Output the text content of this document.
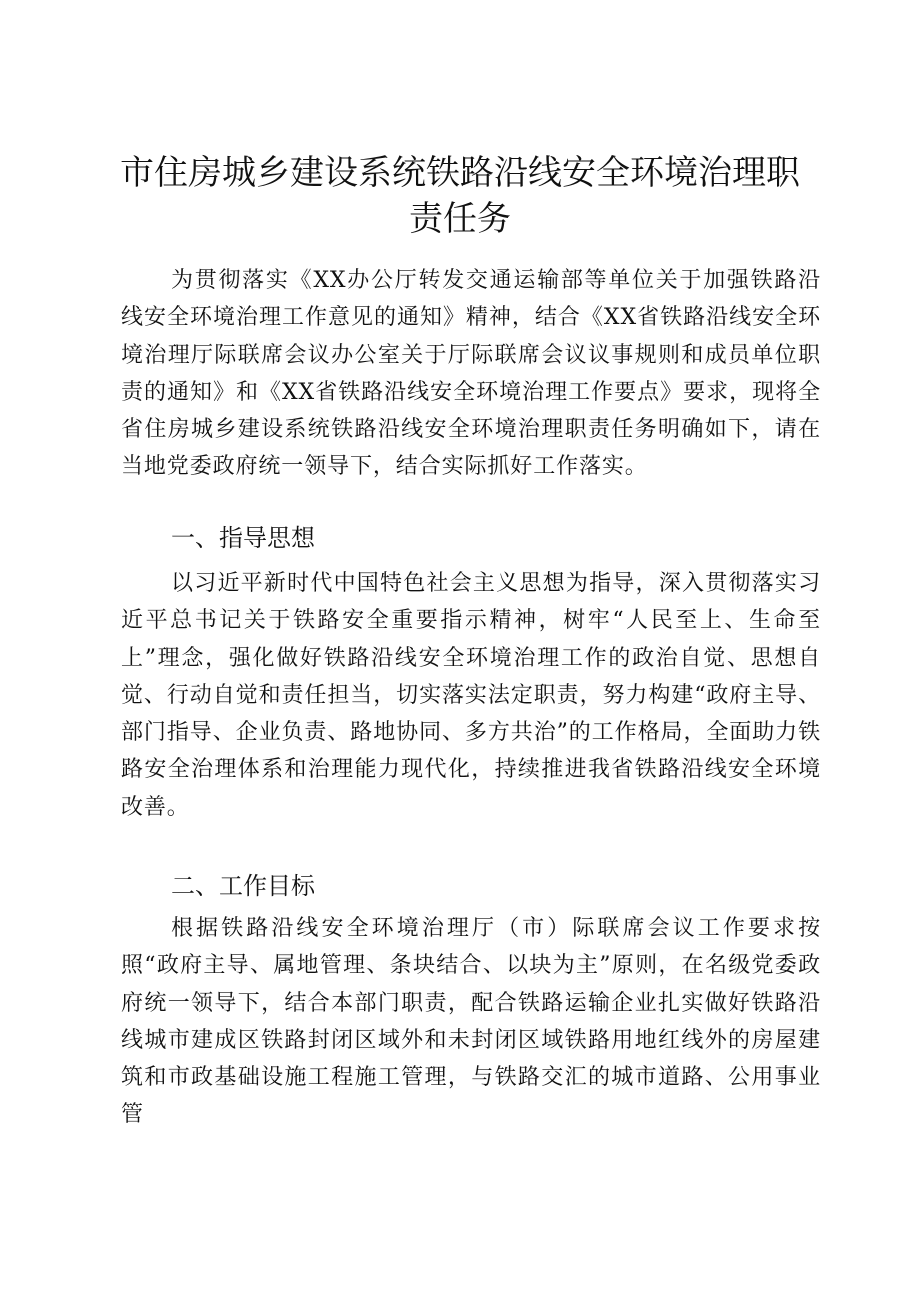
市住房城乡建设系统铁路沿线安全环境治理职责任务

为贯彻落实《XX办公厅转发交通运输部等单位关于加强铁路沿线安全环境治理工作意见的通知》精神，结合《XX省铁路沿线安全环境治理厅际联席会议办公室关于厅际联席会议议事规则和成员单位职责的通知》和《XX省铁路沿线安全环境治理工作要点》要求，现将全省住房城乡建设系统铁路沿线安全环境治理职责任务明确如下，请在当地党委政府统一领导下，结合实际抓好工作落实。

一、指导思想

以习近平新时代中国特色社会主义思想为指导，深入贯彻落实习近平总书记关于铁路安全重要指示精神，树牢“人民至上、生命至上”理念，强化做好铁路沿线安全环境治理工作的政治自觉、思想自觉、行动自觉和责任担当，切实落实法定职责，努力构建“政府主导、部门指导、企业负责、路地协同、多方共治”的工作格局，全面助力铁路安全治理体系和治理能力现代化，持续推进我省铁路沿线安全环境改善。

二、工作目标

根据铁路沿线安全环境治理厅（市）际联席会议工作要求按照“政府主导、属地管理、条块结合、以块为主”原则，在名级党委政府统一领导下，结合本部门职责，配合铁路运输企业扎实做好铁路沿线城市建成区铁路封闭区域外和未封闭区域铁路用地红线外的房屋建筑和市政基础设施工程施工管理，与铁路交汇的城市道路、公用事业管
